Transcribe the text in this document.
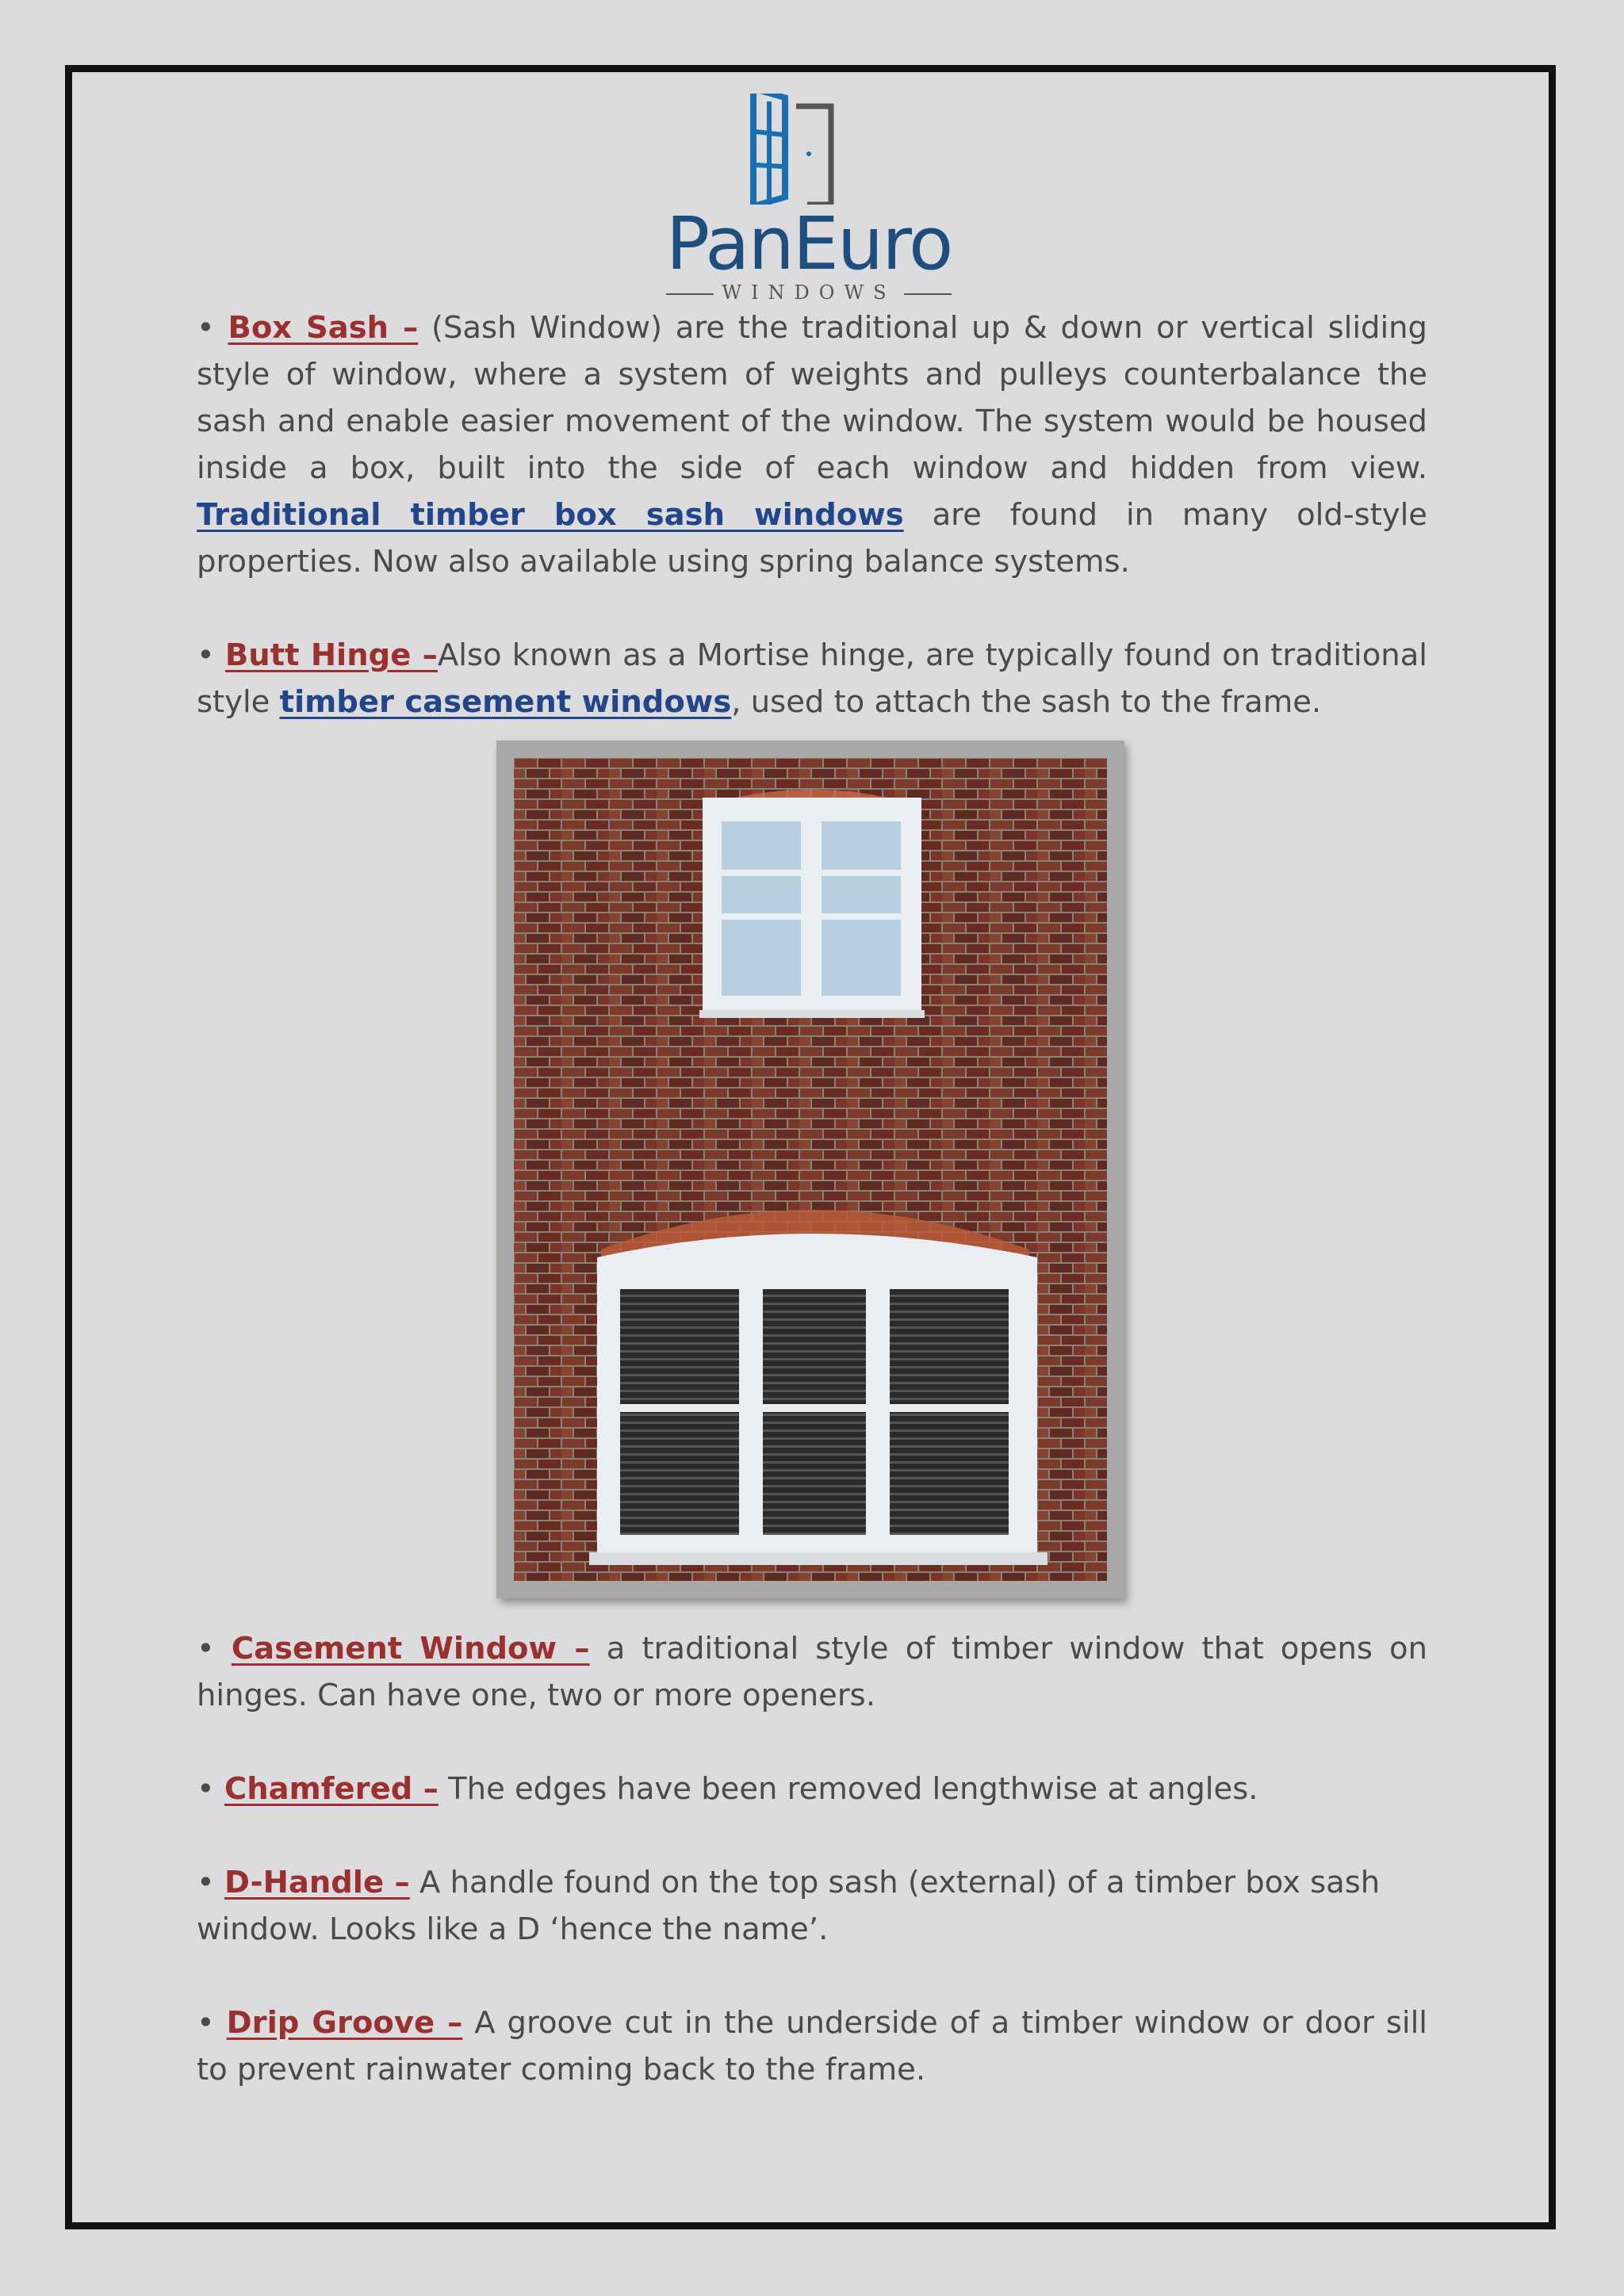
PanEuro
WINDOWS

• Box Sash – (Sash Window) are the traditional up & down or vertical sliding style of window, where a system of weights and pulleys counterbalance the sash and enable easier movement of the window. The system would be housed inside a box, built into the side of each window and hidden from view. Traditional timber box sash windows are found in many old-style properties. Now also available using spring balance systems.

• Butt Hinge –Also known as a Mortise hinge, are typically found on traditional style timber casement windows, used to attach the sash to the frame.

• Casement Window – a traditional style of timber window that opens on hinges. Can have one, two or more openers.

• Chamfered – The edges have been removed lengthwise at angles.

• D-Handle – A handle found on the top sash (external) of a timber box sash window. Looks like a D ‘hence the name’.

• Drip Groove – A groove cut in the underside of a timber window or door sill to prevent rainwater coming back to the frame.
